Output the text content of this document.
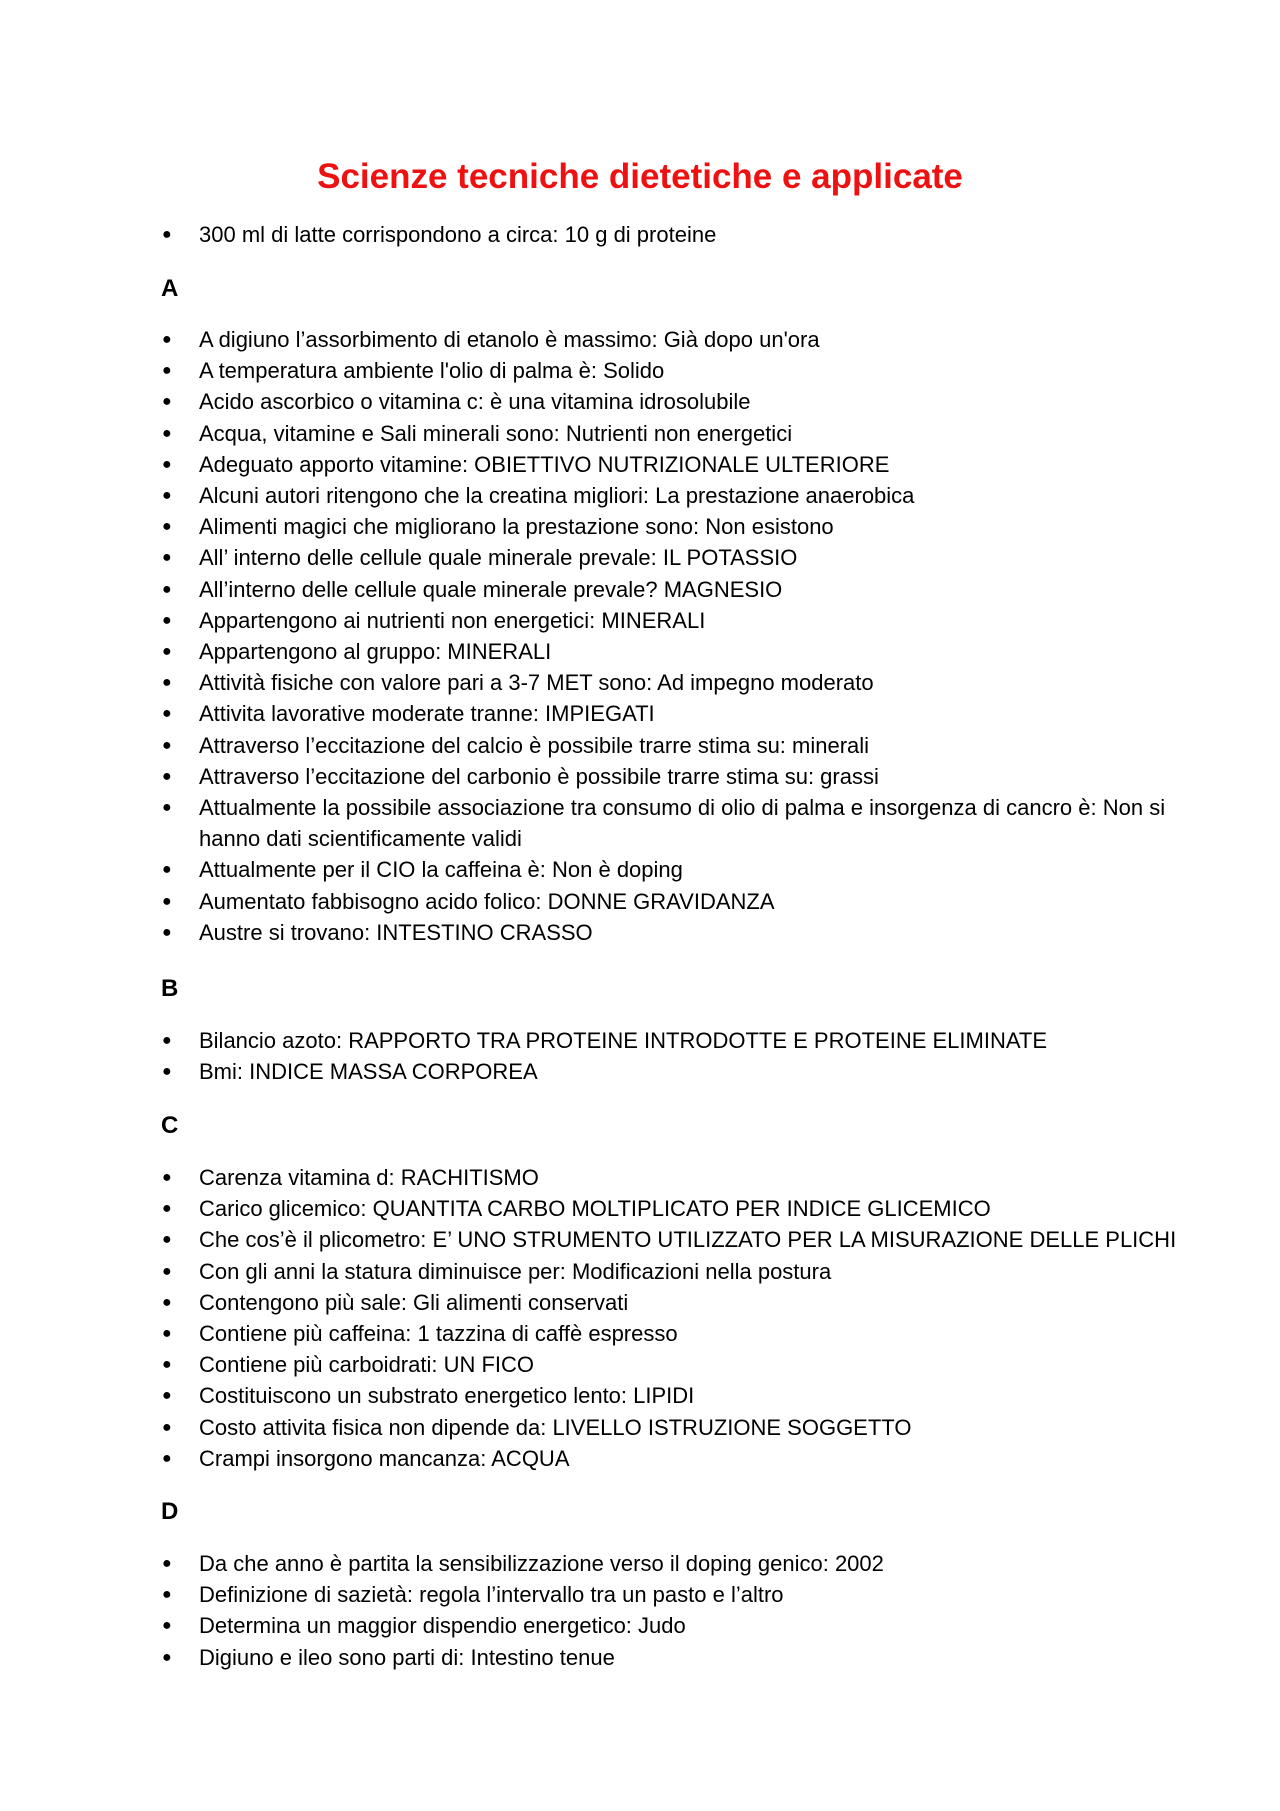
Scienze tecniche dietetiche e applicate
● 300 ml di latte corrispondono a circa: 10 g di proteine
A
● A digiuno l’assorbimento di etanolo è massimo: Già dopo un'ora
● A temperatura ambiente l'olio di palma è: Solido
● Acido ascorbico o vitamina c: è una vitamina idrosolubile
● Acqua, vitamine e Sali minerali sono: Nutrienti non energetici
● Adeguato apporto vitamine: OBIETTIVO NUTRIZIONALE ULTERIORE
● Alcuni autori ritengono che la creatina migliori: La prestazione anaerobica
● Alimenti magici che migliorano la prestazione sono: Non esistono
● All’ interno delle cellule quale minerale prevale: IL POTASSIO
● All’interno delle cellule quale minerale prevale? MAGNESIO
● Appartengono ai nutrienti non energetici: MINERALI
● Appartengono al gruppo: MINERALI
● Attività fisiche con valore pari a 3-7 MET sono: Ad impegno moderato
● Attivita lavorative moderate tranne: IMPIEGATI
● Attraverso l’eccitazione del calcio è possibile trarre stima su: minerali
● Attraverso l’eccitazione del carbonio è possibile trarre stima su: grassi
● Attualmente la possibile associazione tra consumo di olio di palma e insorgenza di cancro è: Non si hanno dati scientificamente validi
● Attualmente per il CIO la caffeina è: Non è doping
● Aumentato fabbisogno acido folico: DONNE GRAVIDANZA
● Austre si trovano: INTESTINO CRASSO
B
● Bilancio azoto: RAPPORTO TRA PROTEINE INTRODOTTE E PROTEINE ELIMINATE
● Bmi: INDICE MASSA CORPOREA
C
● Carenza vitamina d: RACHITISMO
● Carico glicemico: QUANTITA CARBO MOLTIPLICATO PER INDICE GLICEMICO
● Che cos’è il plicometro: E’ UNO STRUMENTO UTILIZZATO PER LA MISURAZIONE DELLE PLICHI
● Con gli anni la statura diminuisce per: Modificazioni nella postura
● Contengono più sale: Gli alimenti conservati
● Contiene più caffeina: 1 tazzina di caffè espresso
● Contiene più carboidrati: UN FICO
● Costituiscono un substrato energetico lento: LIPIDI
● Costo attivita fisica non dipende da: LIVELLO ISTRUZIONE SOGGETTO
● Crampi insorgono mancanza: ACQUA
D
● Da che anno è partita la sensibilizzazione verso il doping genico: 2002
● Definizione di sazietà: regola l’intervallo tra un pasto e l’altro
● Determina un maggior dispendio energetico: Judo
● Digiuno e ileo sono parti di: Intestino tenue
